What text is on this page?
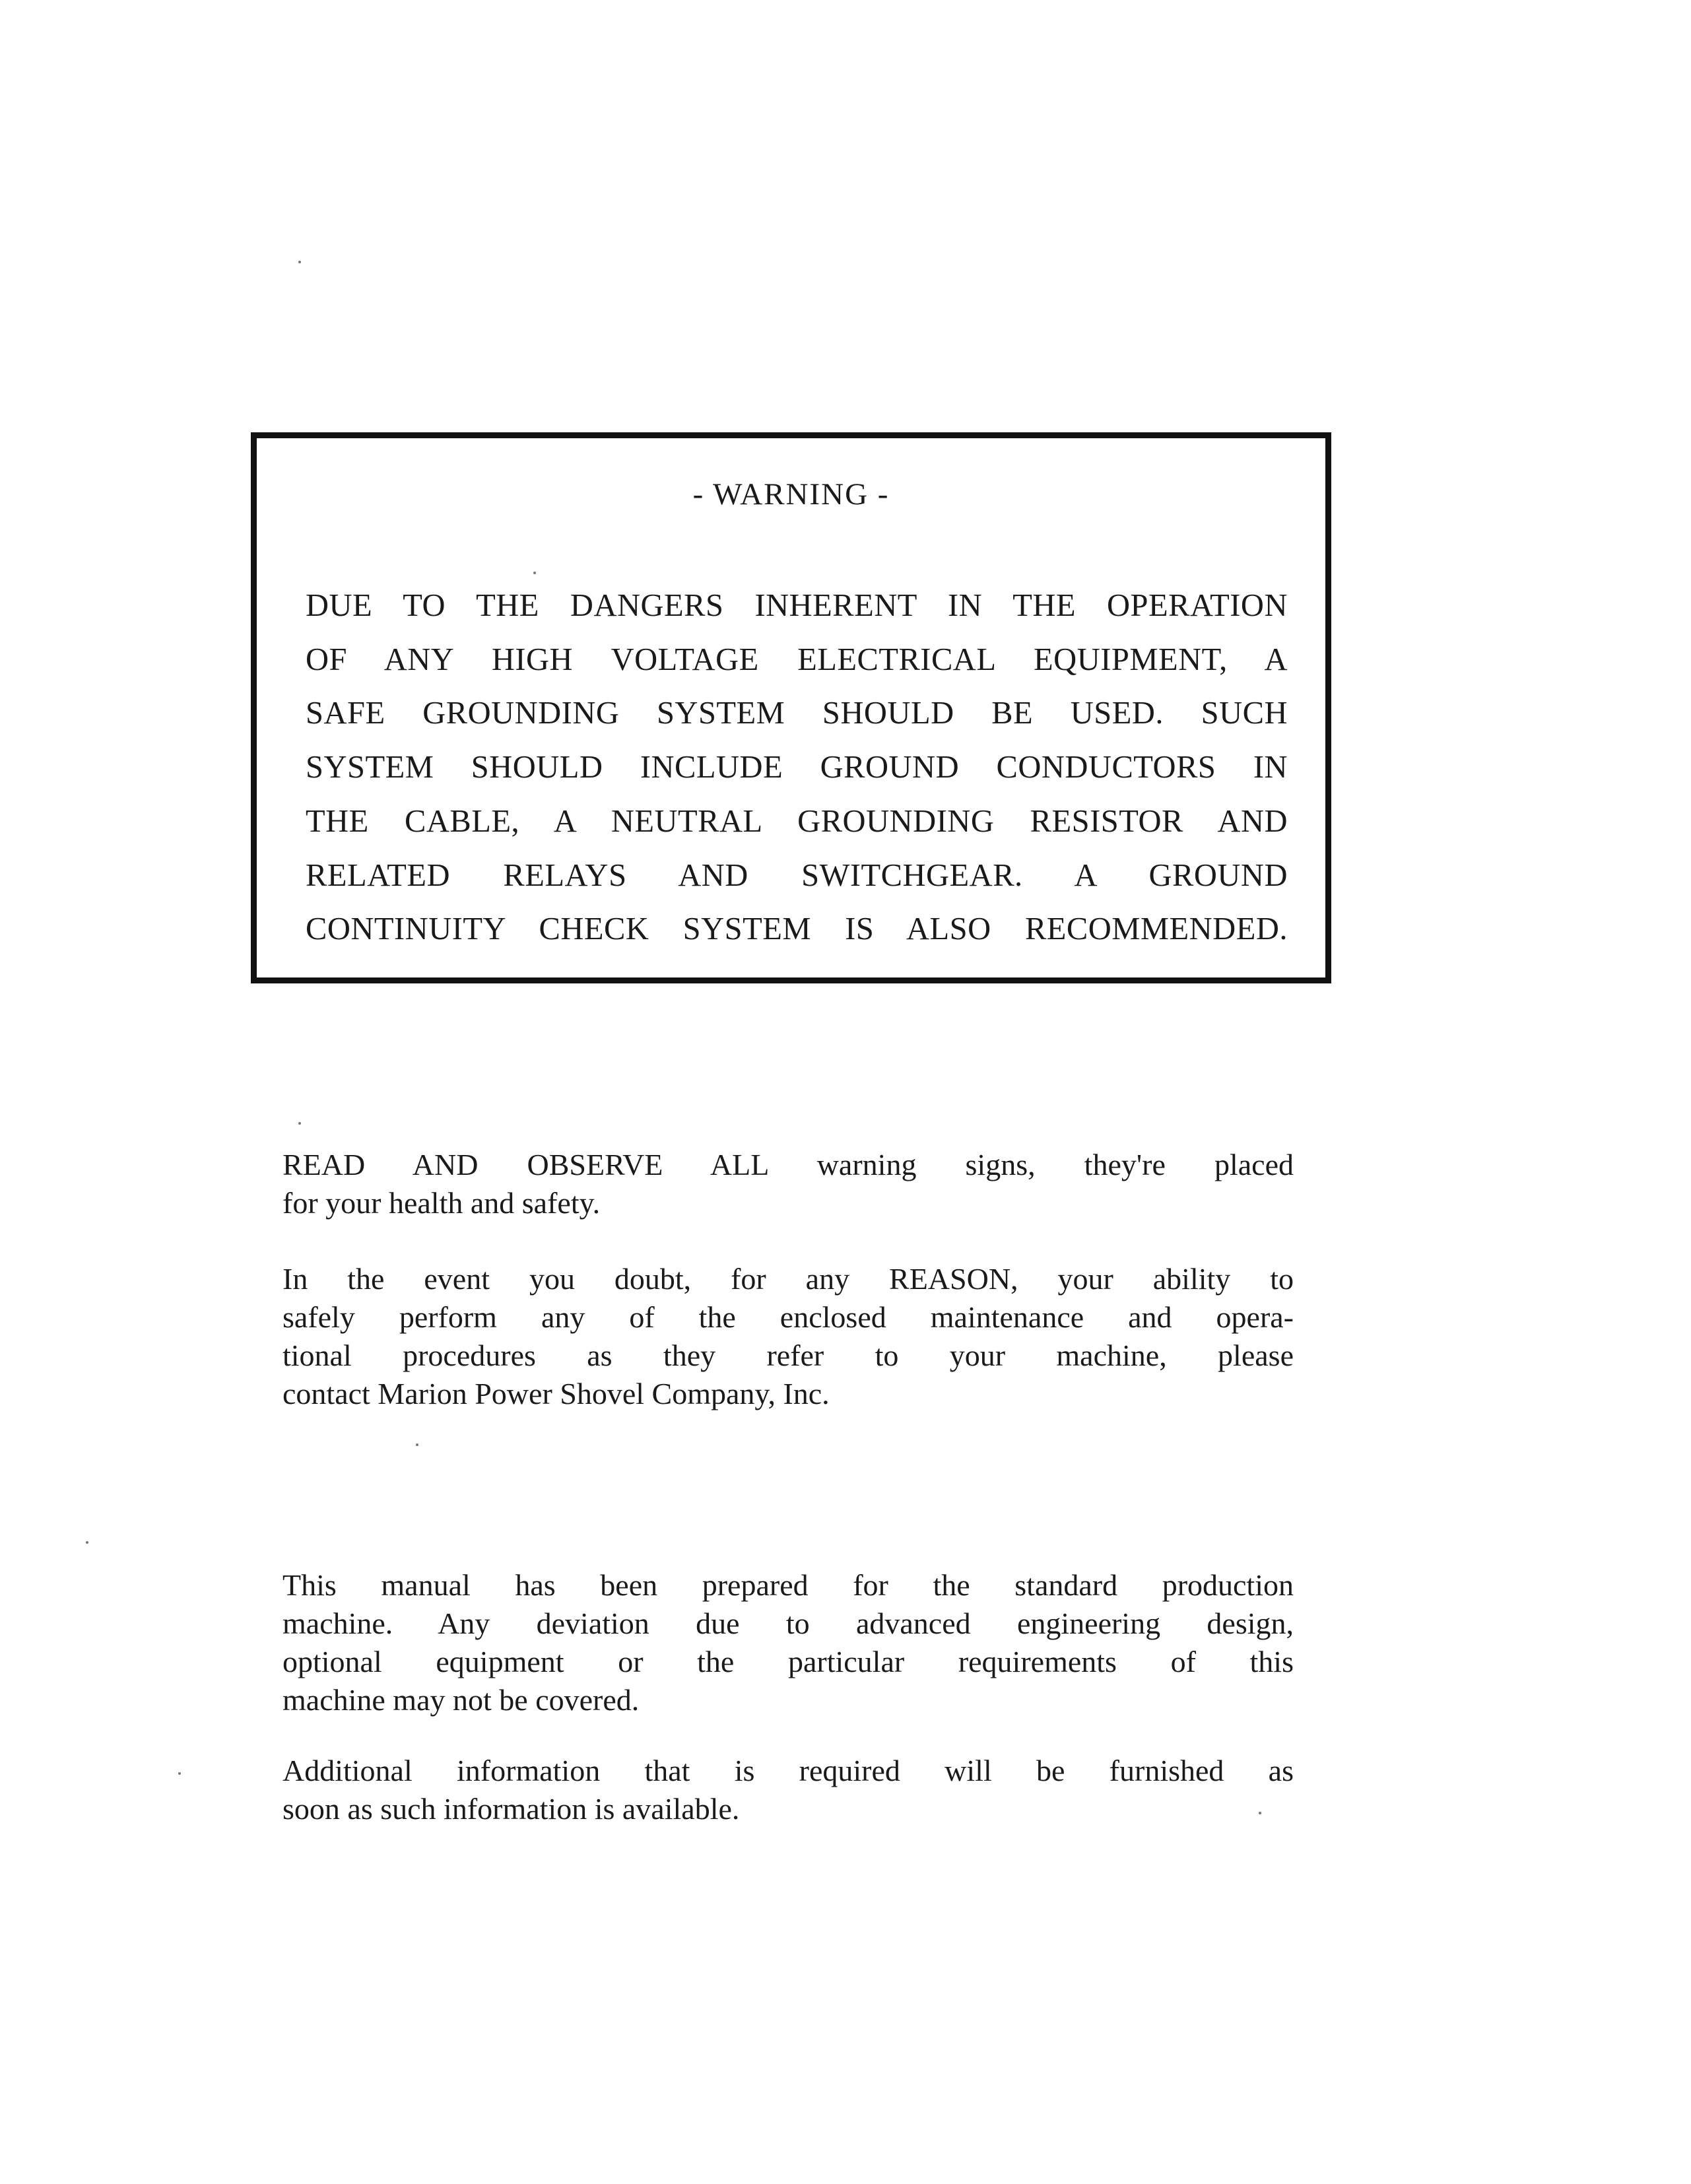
- WARNING -
DUE TO THE DANGERS INHERENT IN THE OPERATION
OF ANY HIGH VOLTAGE ELECTRICAL EQUIPMENT, A
SAFE GROUNDING SYSTEM SHOULD BE USED. SUCH
SYSTEM SHOULD INCLUDE GROUND CONDUCTORS IN
THE CABLE, A NEUTRAL GROUNDING RESISTOR AND
RELATED RELAYS AND SWITCHGEAR. A GROUND
CONTINUITY CHECK SYSTEM IS ALSO RECOMMENDED.
READ AND OBSERVE ALL warning signs, they're placed
for your health and safety.
In the event you doubt, for any REASON, your ability to
safely perform any of the enclosed maintenance and opera-
tional procedures as they refer to your machine, please
contact Marion Power Shovel Company, Inc.
This manual has been prepared for the standard production
machine. Any deviation due to advanced engineering design,
optional equipment or the particular requirements of this
machine may not be covered.
Additional information that is required will be furnished as
soon as such information is available.
